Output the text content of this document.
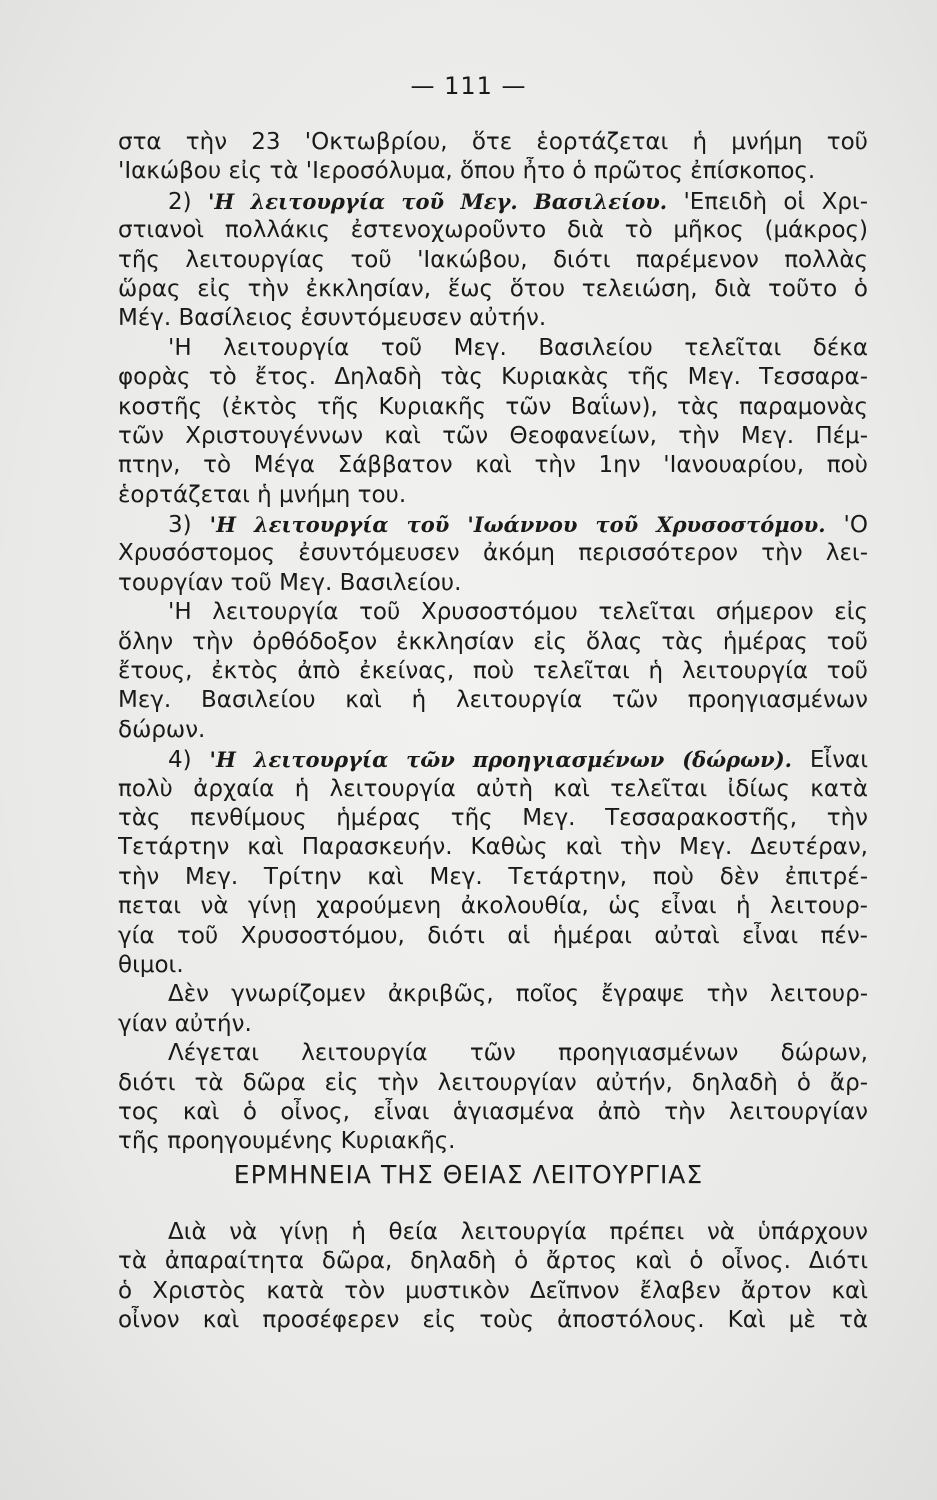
— 111 —
στα τὴν 23 'Οκτωβρίου, ὅτε ἑορτάζεται ἡ μνήμη τοῦ
'Ιακώβου εἰς τὰ 'Ιεροσόλυμα, ὅπου ἦτο ὁ πρῶτος ἐπίσκοπος.
2) 'Η λειτουργία τοῦ Μεγ. Βασιλείου. 'Επειδὴ οἱ Χρι-
στιανοὶ πολλάκις ἐστενοχωροῦντο διὰ τὸ μῆκος (μάκρος)
τῆς λειτουργίας τοῦ 'Ιακώβου, διότι παρέμενον πολλὰς
ὥρας εἰς τὴν ἐκκλησίαν, ἕως ὅτου τελειώση, διὰ τοῦτο ὁ
Μέγ. Βασίλειος ἐσυντόμευσεν αὐτήν.
'Η λειτουργία τοῦ Μεγ. Βασιλείου τελεῖται δέκα
φορὰς τὸ ἔτος. Δηλαδὴ τὰς Κυριακὰς τῆς Μεγ. Τεσσαρα-
κοστῆς (ἐκτὸς τῆς Κυριακῆς τῶν Βαΐων), τὰς παραμονὰς
τῶν Χριστουγέννων καὶ τῶν Θεοφανείων, τὴν Μεγ. Πέμ-
πτην, τὸ Μέγα Σάββατον καὶ τὴν 1ην 'Ιανουαρίου, ποὺ
ἑορτάζεται ἡ μνήμη του.
3) 'Η λειτουργία τοῦ 'Ιωάννου τοῦ Χρυσοστόμου. 'Ο
Χρυσόστομος ἐσυντόμευσεν ἀκόμη περισσότερον τὴν λει-
τουργίαν τοῦ Μεγ. Βασιλείου.
'Η λειτουργία τοῦ Χρυσοστόμου τελεῖται σήμερον εἰς
ὅλην τὴν ὀρθόδοξον ἐκκλησίαν εἰς ὅλας τὰς ἡμέρας τοῦ
ἔτους, ἐκτὸς ἀπὸ ἐκείνας, ποὺ τελεῖται ἡ λειτουργία τοῦ
Μεγ. Βασιλείου καὶ ἡ λειτουργία τῶν προηγιασμένων
δώρων.
4) 'Η λειτουργία τῶν προηγιασμένων (δώρων). Εἶναι
πολὺ ἀρχαία ἡ λειτουργία αὐτὴ καὶ τελεῖται ἰδίως κατὰ
τὰς πενθίμους ἡμέρας τῆς Μεγ. Τεσσαρακοστῆς, τὴν
Τετάρτην καὶ Παρασκευήν. Καθὼς καὶ τὴν Μεγ. Δευτέραν,
τὴν Μεγ. Τρίτην καὶ Μεγ. Τετάρτην, ποὺ δὲν ἐπιτρέ-
πεται νὰ γίνῃ χαρούμενη ἀκολουθία, ὡς εἶναι ἡ λειτουρ-
γία τοῦ Χρυσοστόμου, διότι αἱ ἡμέραι αὐταὶ εἶναι πέν-
θιμοι.
Δὲν γνωρίζομεν ἀκριβῶς, ποῖος ἔγραψε τὴν λειτουρ-
γίαν αὐτήν.
Λέγεται λειτουργία τῶν προηγιασμένων δώρων,
διότι τὰ δῶρα εἰς τὴν λειτουργίαν αὐτήν, δηλαδὴ ὁ ἄρ-
τος καὶ ὁ οἶνος, εἶναι ἁγιασμένα ἀπὸ τὴν λειτουργίαν
τῆς προηγουμένης Κυριακῆς.
ΕΡΜΗΝΕΙΑ ΤΗΣ ΘΕΙΑΣ ΛΕΙΤΟΥΡΓΙΑΣ
Διὰ νὰ γίνῃ ἡ θεία λειτουργία πρέπει νὰ ὑπάρχουν
τὰ ἀπαραίτητα δῶρα, δηλαδὴ ὁ ἄρτος καὶ ὁ οἶνος. Διότι
ὁ Χριστὸς κατὰ τὸν μυστικὸν Δεῖπνον ἔλαβεν ἄρτον καὶ
οἶνον καὶ προσέφερεν εἰς τοὺς ἀποστόλους. Καὶ μὲ τὰ
